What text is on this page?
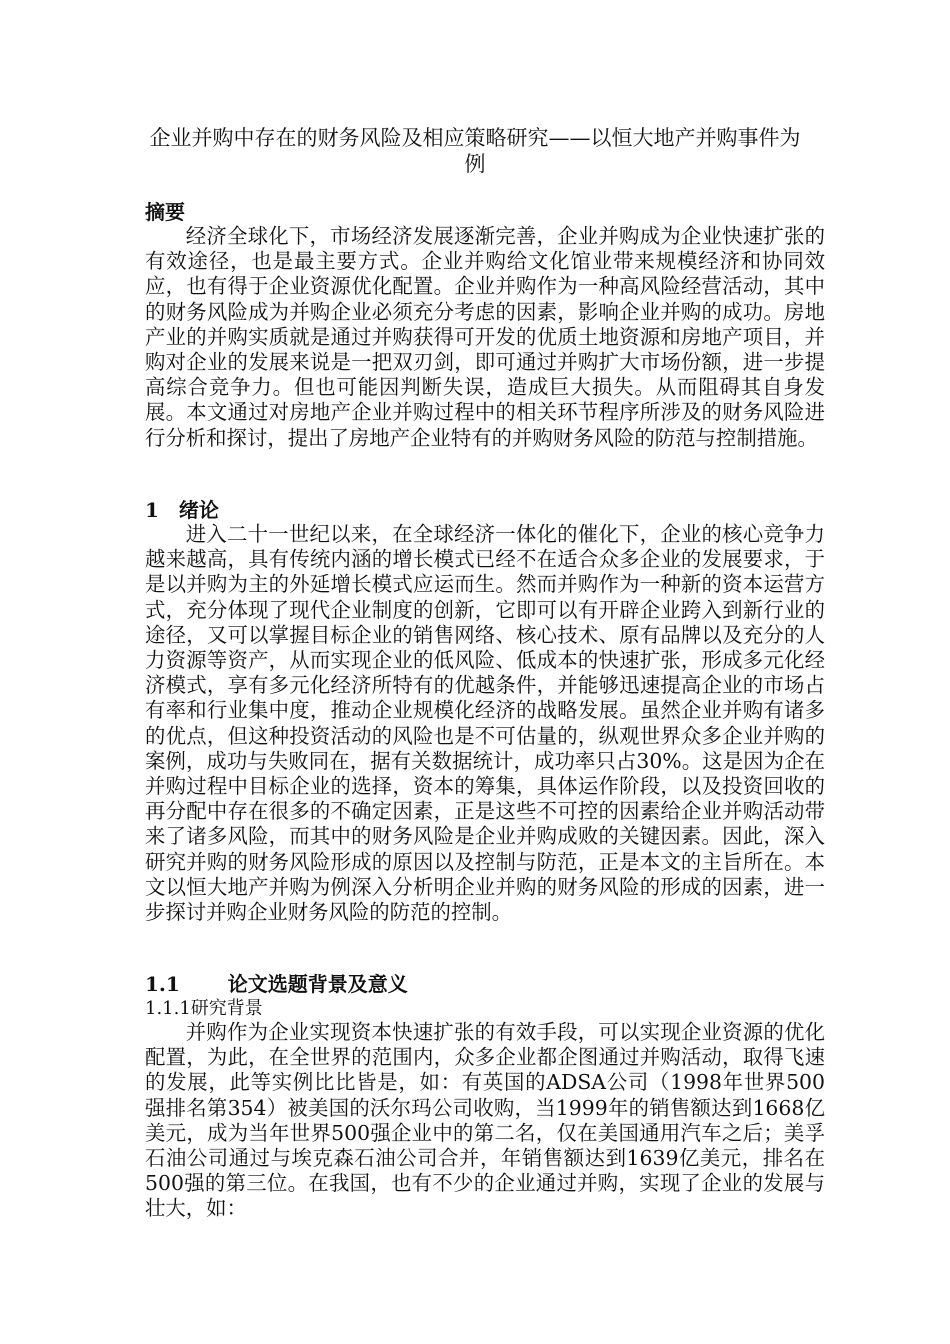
企业并购中存在的财务风险及相应策略研究——以恒大地产并购事件为例
摘要
经济全球化下，市场经济发展逐渐完善，企业并购成为企业快速扩张的有效途径，也是最主要方式。企业并购给文化馆业带来规模经济和协同效应，也有得于企业资源优化配置。企业并购作为一种高风险经营活动，其中的财务风险成为并购企业必须充分考虑的因素，影响企业并购的成功。房地产业的并购实质就是通过并购获得可开发的优质土地资源和房地产项目，并购对企业的发展来说是一把双刃剑，即可通过并购扩大市场份额，进一步提高综合竞争力。但也可能因判断失误，造成巨大损失。从而阻碍其自身发展。本文通过对房地产企业并购过程中的相关环节程序所涉及的财务风险进行分析和探讨，提出了房地产企业特有的并购财务风险的防范与控制措施。
1 绪论
进入二十一世纪以来，在全球经济一体化的催化下，企业的核心竞争力越来越高，具有传统内涵的增长模式已经不在适合众多企业的发展要求，于是以并购为主的外延增长模式应运而生。然而并购作为一种新的资本运营方式，充分体现了现代企业制度的创新，它即可以有开辟企业跨入到新行业的途径，又可以掌握目标企业的销售网络、核心技术、原有品牌以及充分的人力资源等资产，从而实现企业的低风险、低成本的快速扩张，形成多元化经济模式，享有多元化经济所特有的优越条件，并能够迅速提高企业的市场占有率和行业集中度，推动企业规模化经济的战略发展。虽然企业并购有诸多的优点，但这种投资活动的风险也是不可估量的，纵观世界众多企业并购的案例，成功与失败同在，据有关数据统计，成功率只占30%。这是因为企在并购过程中目标企业的选择，资本的筹集，具体运作阶段，以及投资回收的再分配中存在很多的不确定因素，正是这些不可控的因素给企业并购活动带来了诸多风险，而其中的财务风险是企业并购成败的关键因素。因此，深入研究并购的财务风险形成的原因以及控制与防范，正是本文的主旨所在。本文以恒大地产并购为例深入分析明企业并购的财务风险的形成的因素，进一步探讨并购企业财务风险的防范的控制。
1.1 论文选题背景及意义
1.1.1研究背景
并购作为企业实现资本快速扩张的有效手段，可以实现企业资源的优化配置，为此，在全世界的范围内，众多企业都企图通过并购活动，取得飞速的发展，此等实例比比皆是，如：有英国的ADSA公司（1998年世界500强排名第354）被美国的沃尔玛公司收购，当1999年的销售额达到1668亿美元，成为当年世界500强企业中的第二名，仅在美国通用汽车之后；美孚石油公司通过与埃克森石油公司合并，年销售额达到1639亿美元，排名在500强的第三位。在我国，也有不少的企业通过并购，实现了企业的发展与壮大，如：
